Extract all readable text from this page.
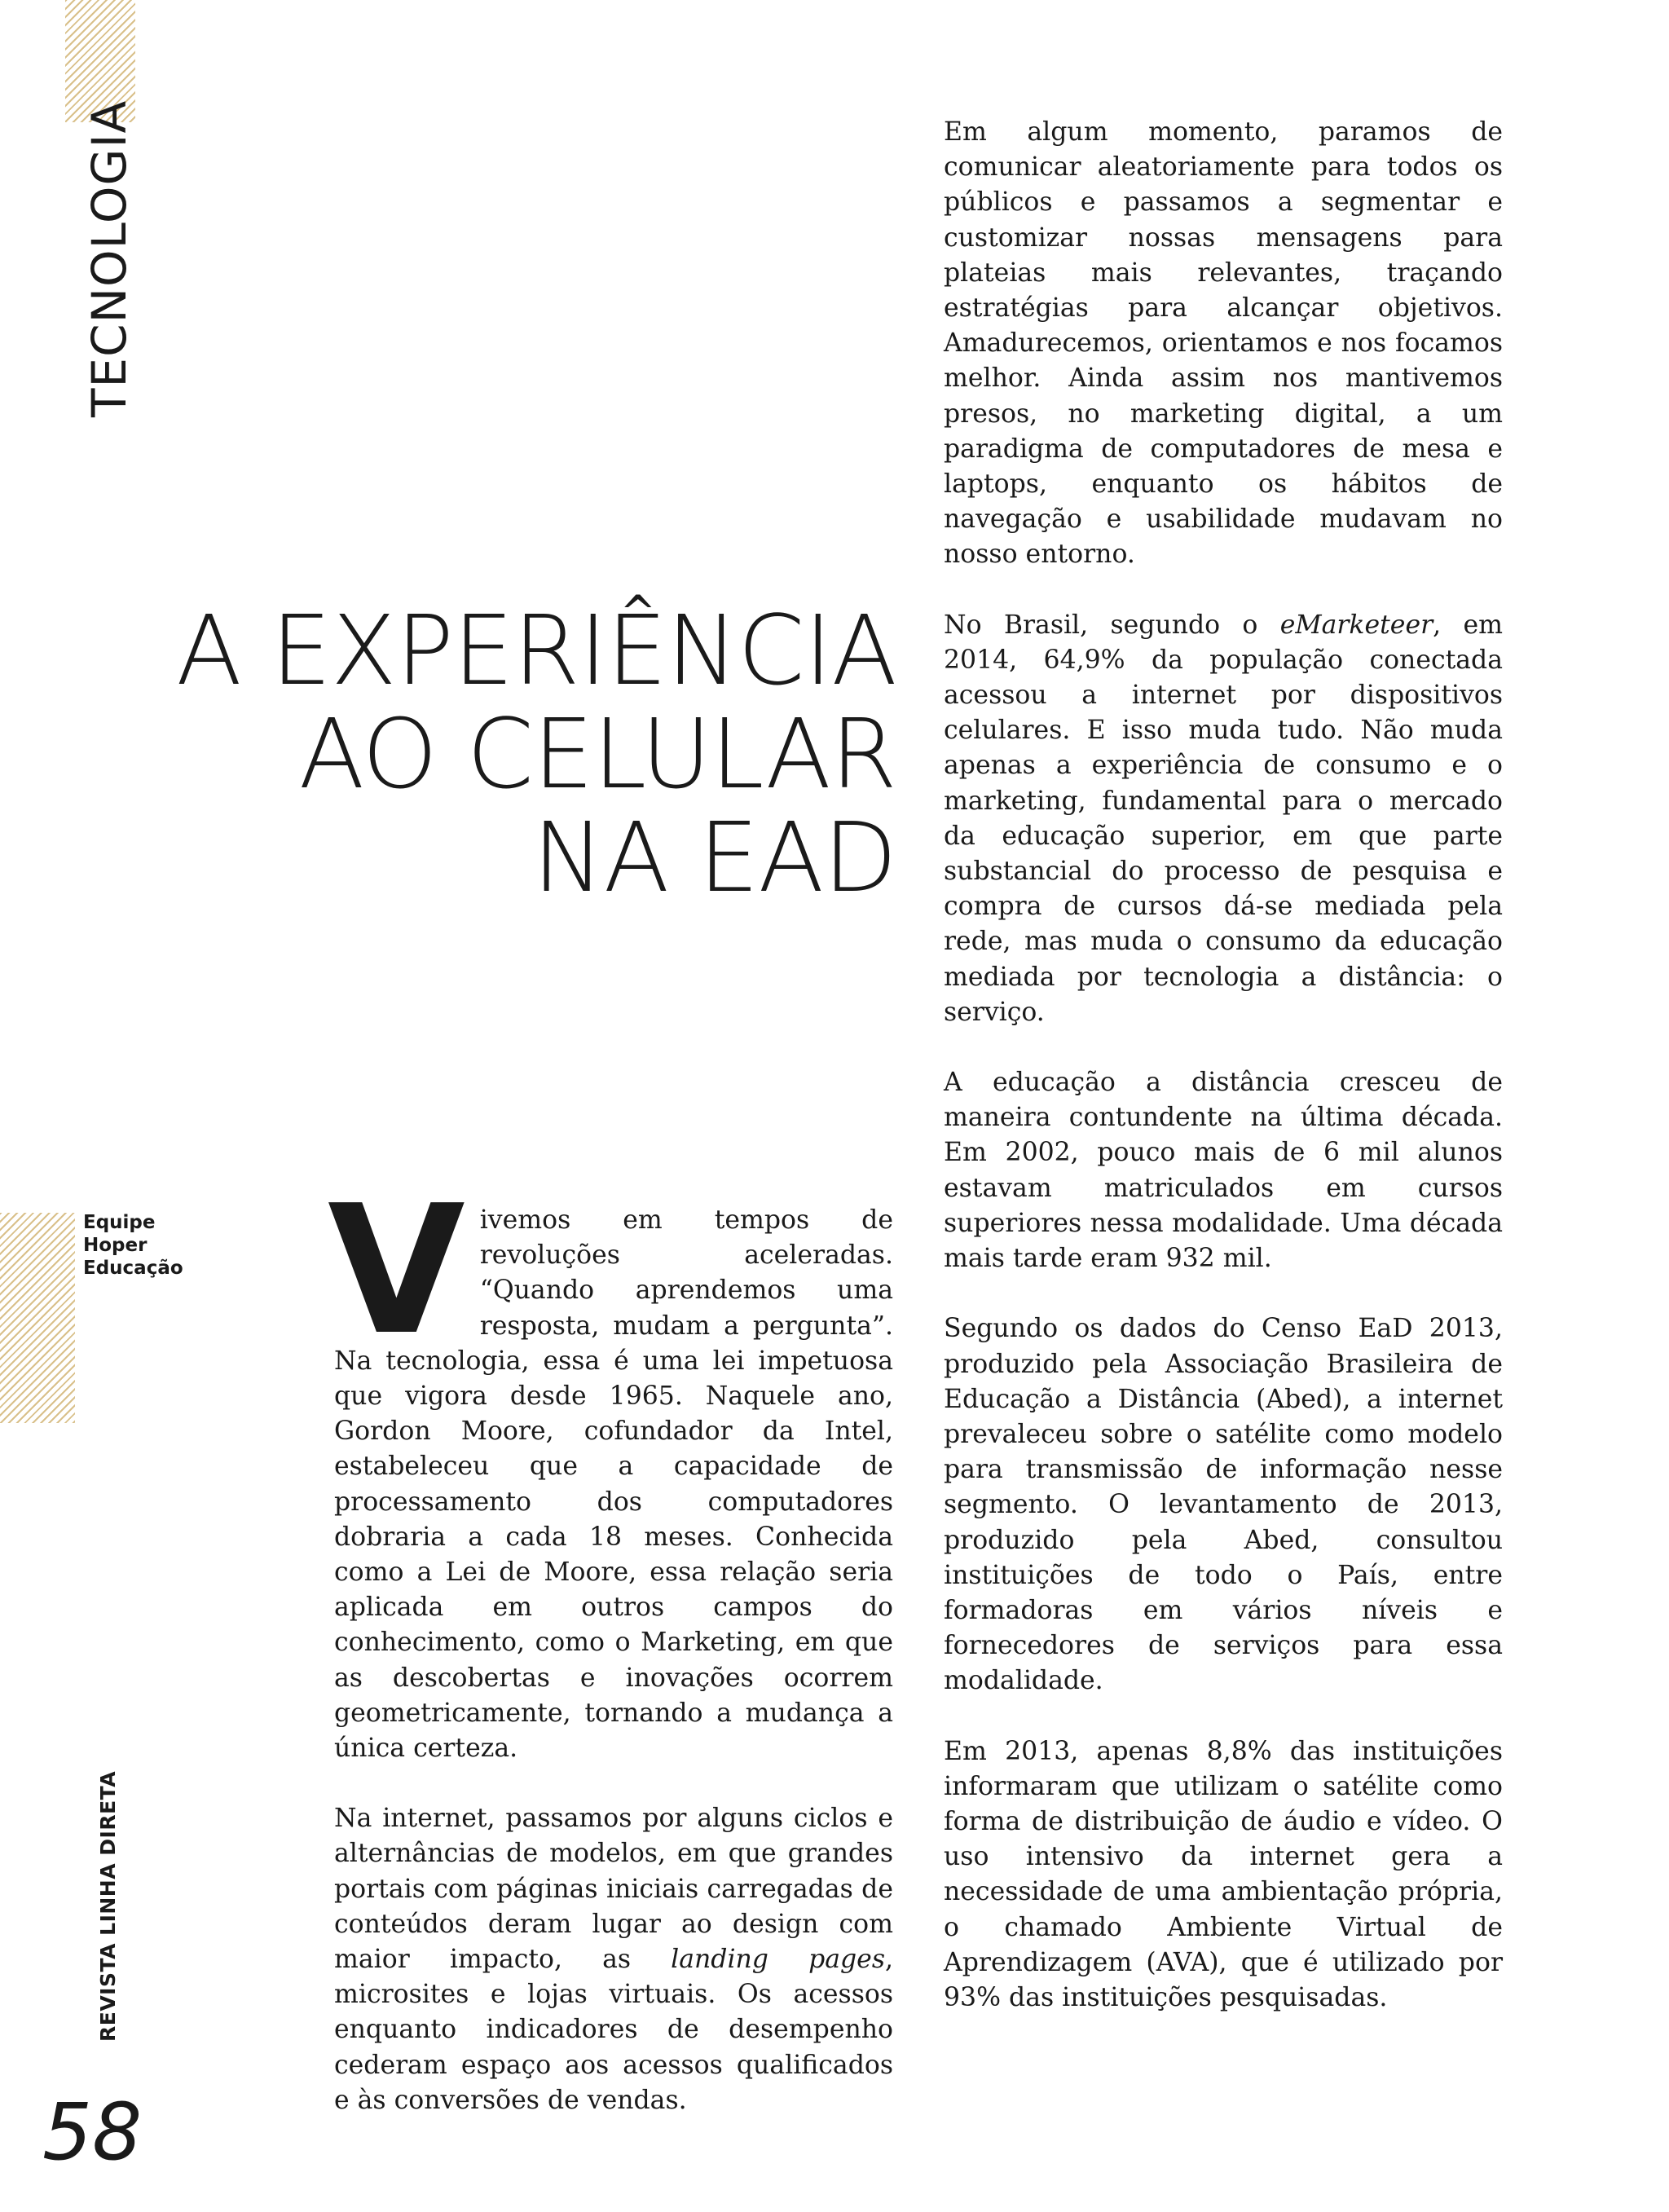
TECNOLOGIA
REVISTA LINHA DIRETA
58
A EXPERIÊNCIA
AO CELULAR
NA EAD
Equipe
Hoper
Educação Vivemos em tempos de revoluções aceleradas. “Quando aprendemos uma resposta, mudam a pergunta”. Na tecnologia, essa é uma lei impetuosa que vigora desde 1965. Naquele ano, Gordon Moore, cofundador da Intel, estabeleceu que a capacidade de processamento dos computadores dobraria a cada 18 meses. Conhecida como a Lei de Moore, essa relação seria aplicada em outros campos do conhecimento, como o Marketing, em que as descobertas e inovações ocorrem geometricamente, tornando a mudança a única certeza.

Na internet, passamos por alguns ciclos e alternâncias de modelos, em que grandes portais com páginas iniciais carregadas de conteúdos deram lugar ao design com maior impacto, as landing pages, microsites e lojas virtuais. Os acessos enquanto indicadores de desempenho cederam espaço aos acessos qualificados e às conversões de vendas.

Em algum momento, paramos de comunicar aleatoriamente para todos os públicos e passamos a segmentar e customizar nossas mensagens para plateias mais relevantes, traçando estratégias para alcançar objetivos. Amadurecemos, orientamos e nos focamos melhor. Ainda assim nos mantivemos presos, no marketing digital, a um paradigma de computadores de mesa e laptops, enquanto os hábitos de navegação e usabilidade mudavam no nosso entorno.

No Brasil, segundo o eMarketeer, em 2014, 64,9% da população conectada acessou a internet por dispositivos celulares. E isso muda tudo. Não muda apenas a experiência de consumo e o marketing, fundamental para o mercado da educação superior, em que parte substancial do processo de pesquisa e compra de cursos dá-se mediada pela rede, mas muda o consumo da educação mediada por tecnologia a distância: o serviço.

A educação a distância cresceu de maneira contundente na última década. Em 2002, pouco mais de 6 mil alunos estavam matriculados em cursos superiores nessa modalidade. Uma década mais tarde eram 932 mil.

Segundo os dados do Censo EaD 2013, produzido pela Associação Brasileira de Educação a Distância (Abed), a internet prevaleceu sobre o satélite como modelo para transmissão de informação nesse segmento. O levantamento de 2013, produzido pela Abed, consultou instituições de todo o País, entre formadoras em vários níveis e fornecedores de serviços para essa modalidade.

Em 2013, apenas 8,8% das instituições informaram que utilizam o satélite como forma de distribuição de áudio e vídeo. O uso intensivo da internet gera a necessidade de uma ambientação própria, o chamado Ambiente Virtual de Aprendizagem (AVA), que é utilizado por 93% das instituições pesquisadas.
